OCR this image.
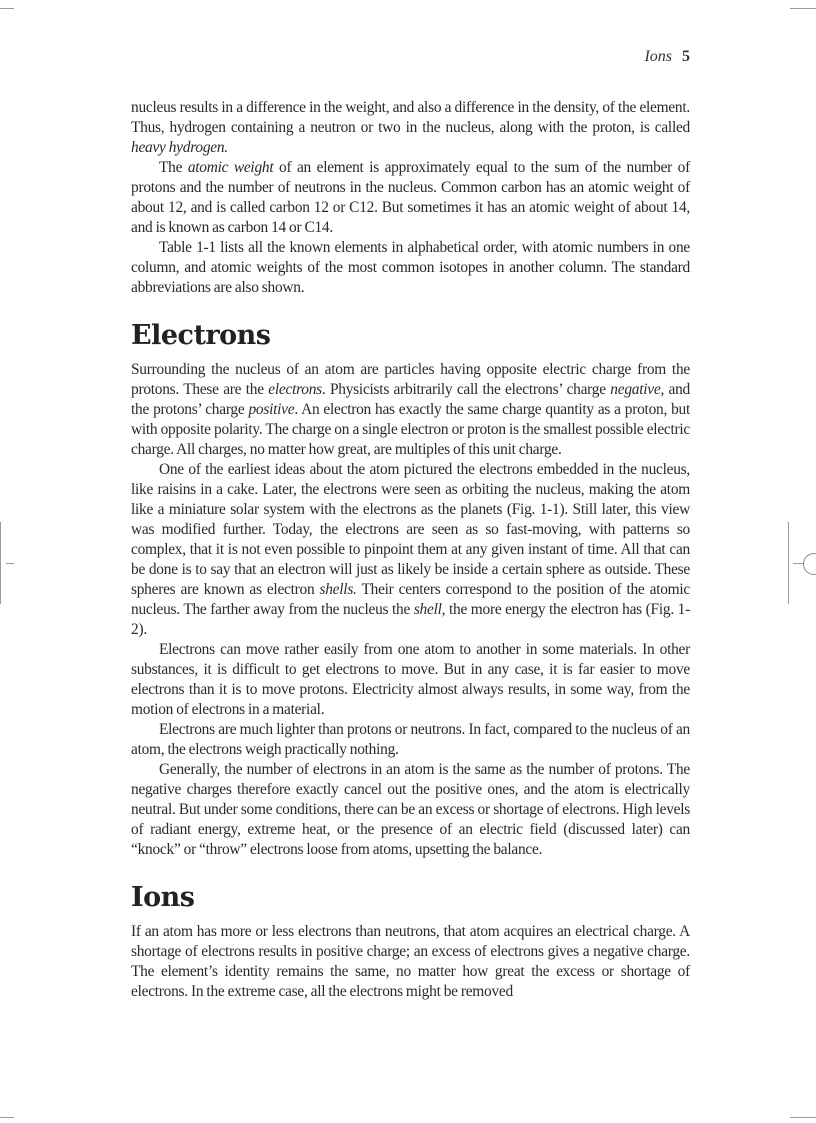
Ions 5

nucleus results in a difference in the weight, and also a difference in the density, of the element. Thus, hydrogen containing a neutron or two in the nucleus, along with the proton, is called heavy hydrogen.

The atomic weight of an element is approximately equal to the sum of the number of protons and the number of neutrons in the nucleus. Common carbon has an atomic weight of about 12, and is called carbon 12 or C12. But sometimes it has an atomic weight of about 14, and is known as carbon 14 or C14.

Table 1-1 lists all the known elements in alphabetical order, with atomic numbers in one column, and atomic weights of the most common isotopes in another column. The standard abbreviations are also shown.

Electrons

Surrounding the nucleus of an atom are particles having opposite electric charge from the protons. These are the electrons. Physicists arbitrarily call the electrons’ charge negative, and the protons’ charge positive. An electron has exactly the same charge quantity as a proton, but with opposite polarity. The charge on a single electron or proton is the smallest possible electric charge. All charges, no matter how great, are multiples of this unit charge.

One of the earliest ideas about the atom pictured the electrons embedded in the nucleus, like raisins in a cake. Later, the electrons were seen as orbiting the nucleus, making the atom like a miniature solar system with the electrons as the planets (Fig. 1-1). Still later, this view was modified further. Today, the electrons are seen as so fast-moving, with patterns so complex, that it is not even possible to pinpoint them at any given instant of time. All that can be done is to say that an electron will just as likely be inside a certain sphere as outside. These spheres are known as electron shells. Their centers correspond to the position of the atomic nucleus. The farther away from the nucleus the shell, the more energy the electron has (Fig. 1-2).

Electrons can move rather easily from one atom to another in some materials. In other substances, it is difficult to get electrons to move. But in any case, it is far easier to move electrons than it is to move protons. Electricity almost always results, in some way, from the motion of electrons in a material.

Electrons are much lighter than protons or neutrons. In fact, compared to the nucleus of an atom, the electrons weigh practically nothing.

Generally, the number of electrons in an atom is the same as the number of protons. The negative charges therefore exactly cancel out the positive ones, and the atom is electrically neutral. But under some conditions, there can be an excess or shortage of electrons. High levels of radiant energy, extreme heat, or the presence of an electric field (discussed later) can “knock” or “throw” electrons loose from atoms, upsetting the balance.

Ions

If an atom has more or less electrons than neutrons, that atom acquires an electrical charge. A shortage of electrons results in positive charge; an excess of electrons gives a negative charge. The element’s identity remains the same, no matter how great the excess or shortage of electrons. In the extreme case, all the electrons might be removed
